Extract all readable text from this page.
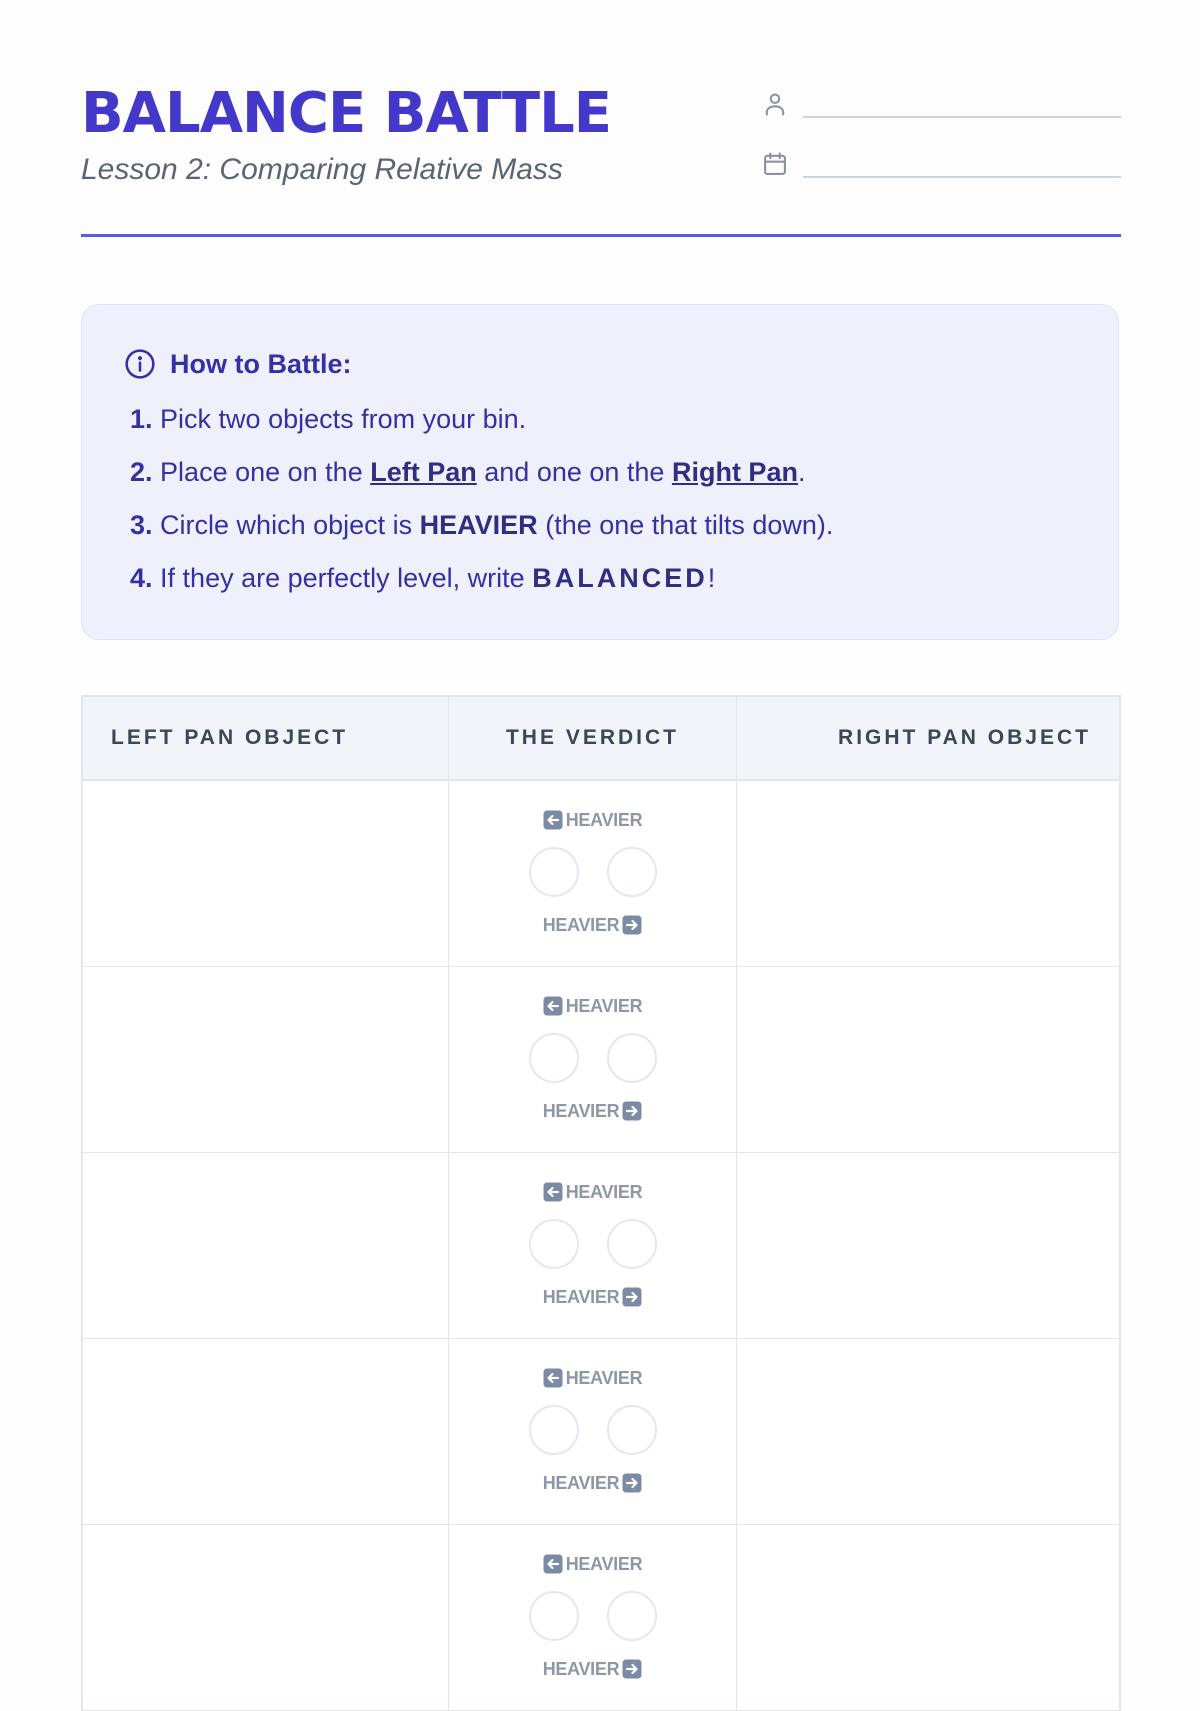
BALANCE BATTLE
Lesson 2: Comparing Relative Mass
How to Battle:
1. Pick two objects from your bin.
2. Place one on the Left Pan and one on the Right Pan.
3. Circle which object is HEAVIER (the one that tilts down).
4. If they are perfectly level, write BALANCED!
LEFT PAN OBJECT	THE VERDICT	RIGHT PAN OBJECT
HEAVIER
HEAVIER
HEAVIER
HEAVIER
HEAVIER
HEAVIER
HEAVIER
HEAVIER
HEAVIER
HEAVIER
